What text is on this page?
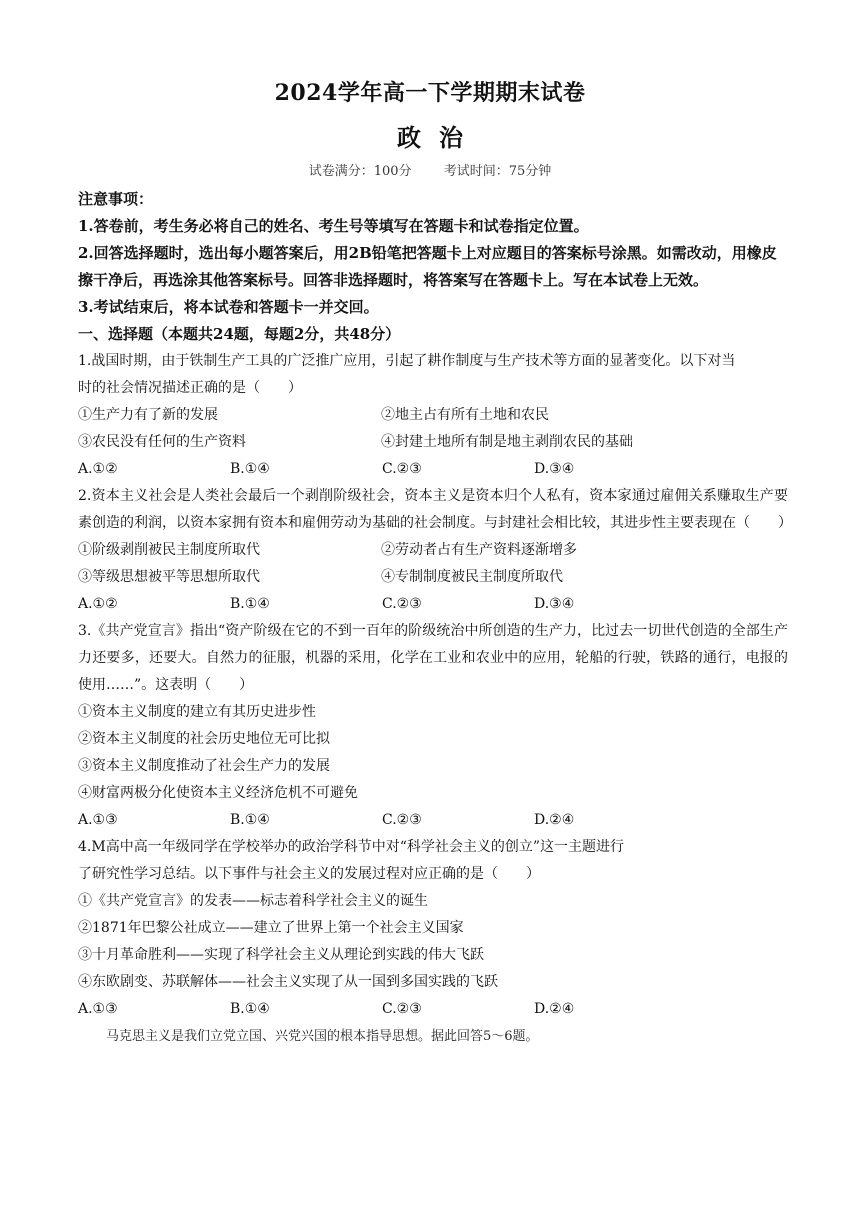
2024学年高一下学期期末试卷
政治
试卷满分：100分 考试时间：75分钟
注意事项：
1.答卷前，考生务必将自己的姓名、考生号等填写在答题卡和试卷指定位置。
2.回答选择题时，选出每小题答案后，用2B铅笔把答题卡上对应题目的答案标号涂黑。如需改动，用橡皮擦干净后，再选涂其他答案标号。回答非选择题时，将答案写在答题卡上。写在本试卷上无效。
3.考试结束后，将本试卷和答题卡一并交回。
一、选择题（本题共24题，每题2分，共48分）
1.战国时期，由于铁制生产工具的广泛推广应用，引起了耕作制度与生产技术等方面的显著变化。以下对当
时的社会情况描述正确的是（　　）
①生产力有了新的发展	②地主占有所有土地和农民
③农民没有任何的生产资料	④封建土地所有制是地主剥削农民的基础
A.①②	B.①④	C.②③	D.③④
2.资本主义社会是人类社会最后一个剥削阶级社会，资本主义是资本归个人私有，资本家通过雇佣关系赚取生产要素创造的利润，以资本家拥有资本和雇佣劳动为基础的社会制度。与封建社会相比较，其进步性主要表现在（　　）
①阶级剥削被民主制度所取代	②劳动者占有生产资料逐渐增多
③等级思想被平等思想所取代	④专制制度被民主制度所取代
A.①②	B.①④	C.②③	D.③④
3.《共产党宣言》指出“资产阶级在它的不到一百年的阶级统治中所创造的生产力，比过去一切世代创造的全部生产力还要多，还要大。自然力的征服，机器的采用，化学在工业和农业中的应用，轮船的行驶，铁路的通行，电报的使用……”。这表明（　　）
①资本主义制度的建立有其历史进步性
②资本主义制度的社会历史地位无可比拟
③资本主义制度推动了社会生产力的发展
④财富两极分化使资本主义经济危机不可避免
A.①③	B.①④	C.②③	D.②④
4.M高中高一年级同学在学校举办的政治学科节中对“科学社会主义的创立”这一主题进行
了研究性学习总结。以下事件与社会主义的发展过程对应正确的是（　　）
①《共产党宣言》的发表——标志着科学社会主义的诞生
②1871年巴黎公社成立——建立了世界上第一个社会主义国家
③十月革命胜利——实现了科学社会主义从理论到实践的伟大飞跃
④东欧剧变、苏联解体——社会主义实现了从一国到多国实践的飞跃
A.①③	B.①④	C.②③	D.②④
马克思主义是我们立党立国、兴党兴国的根本指导思想。据此回答5～6题。
